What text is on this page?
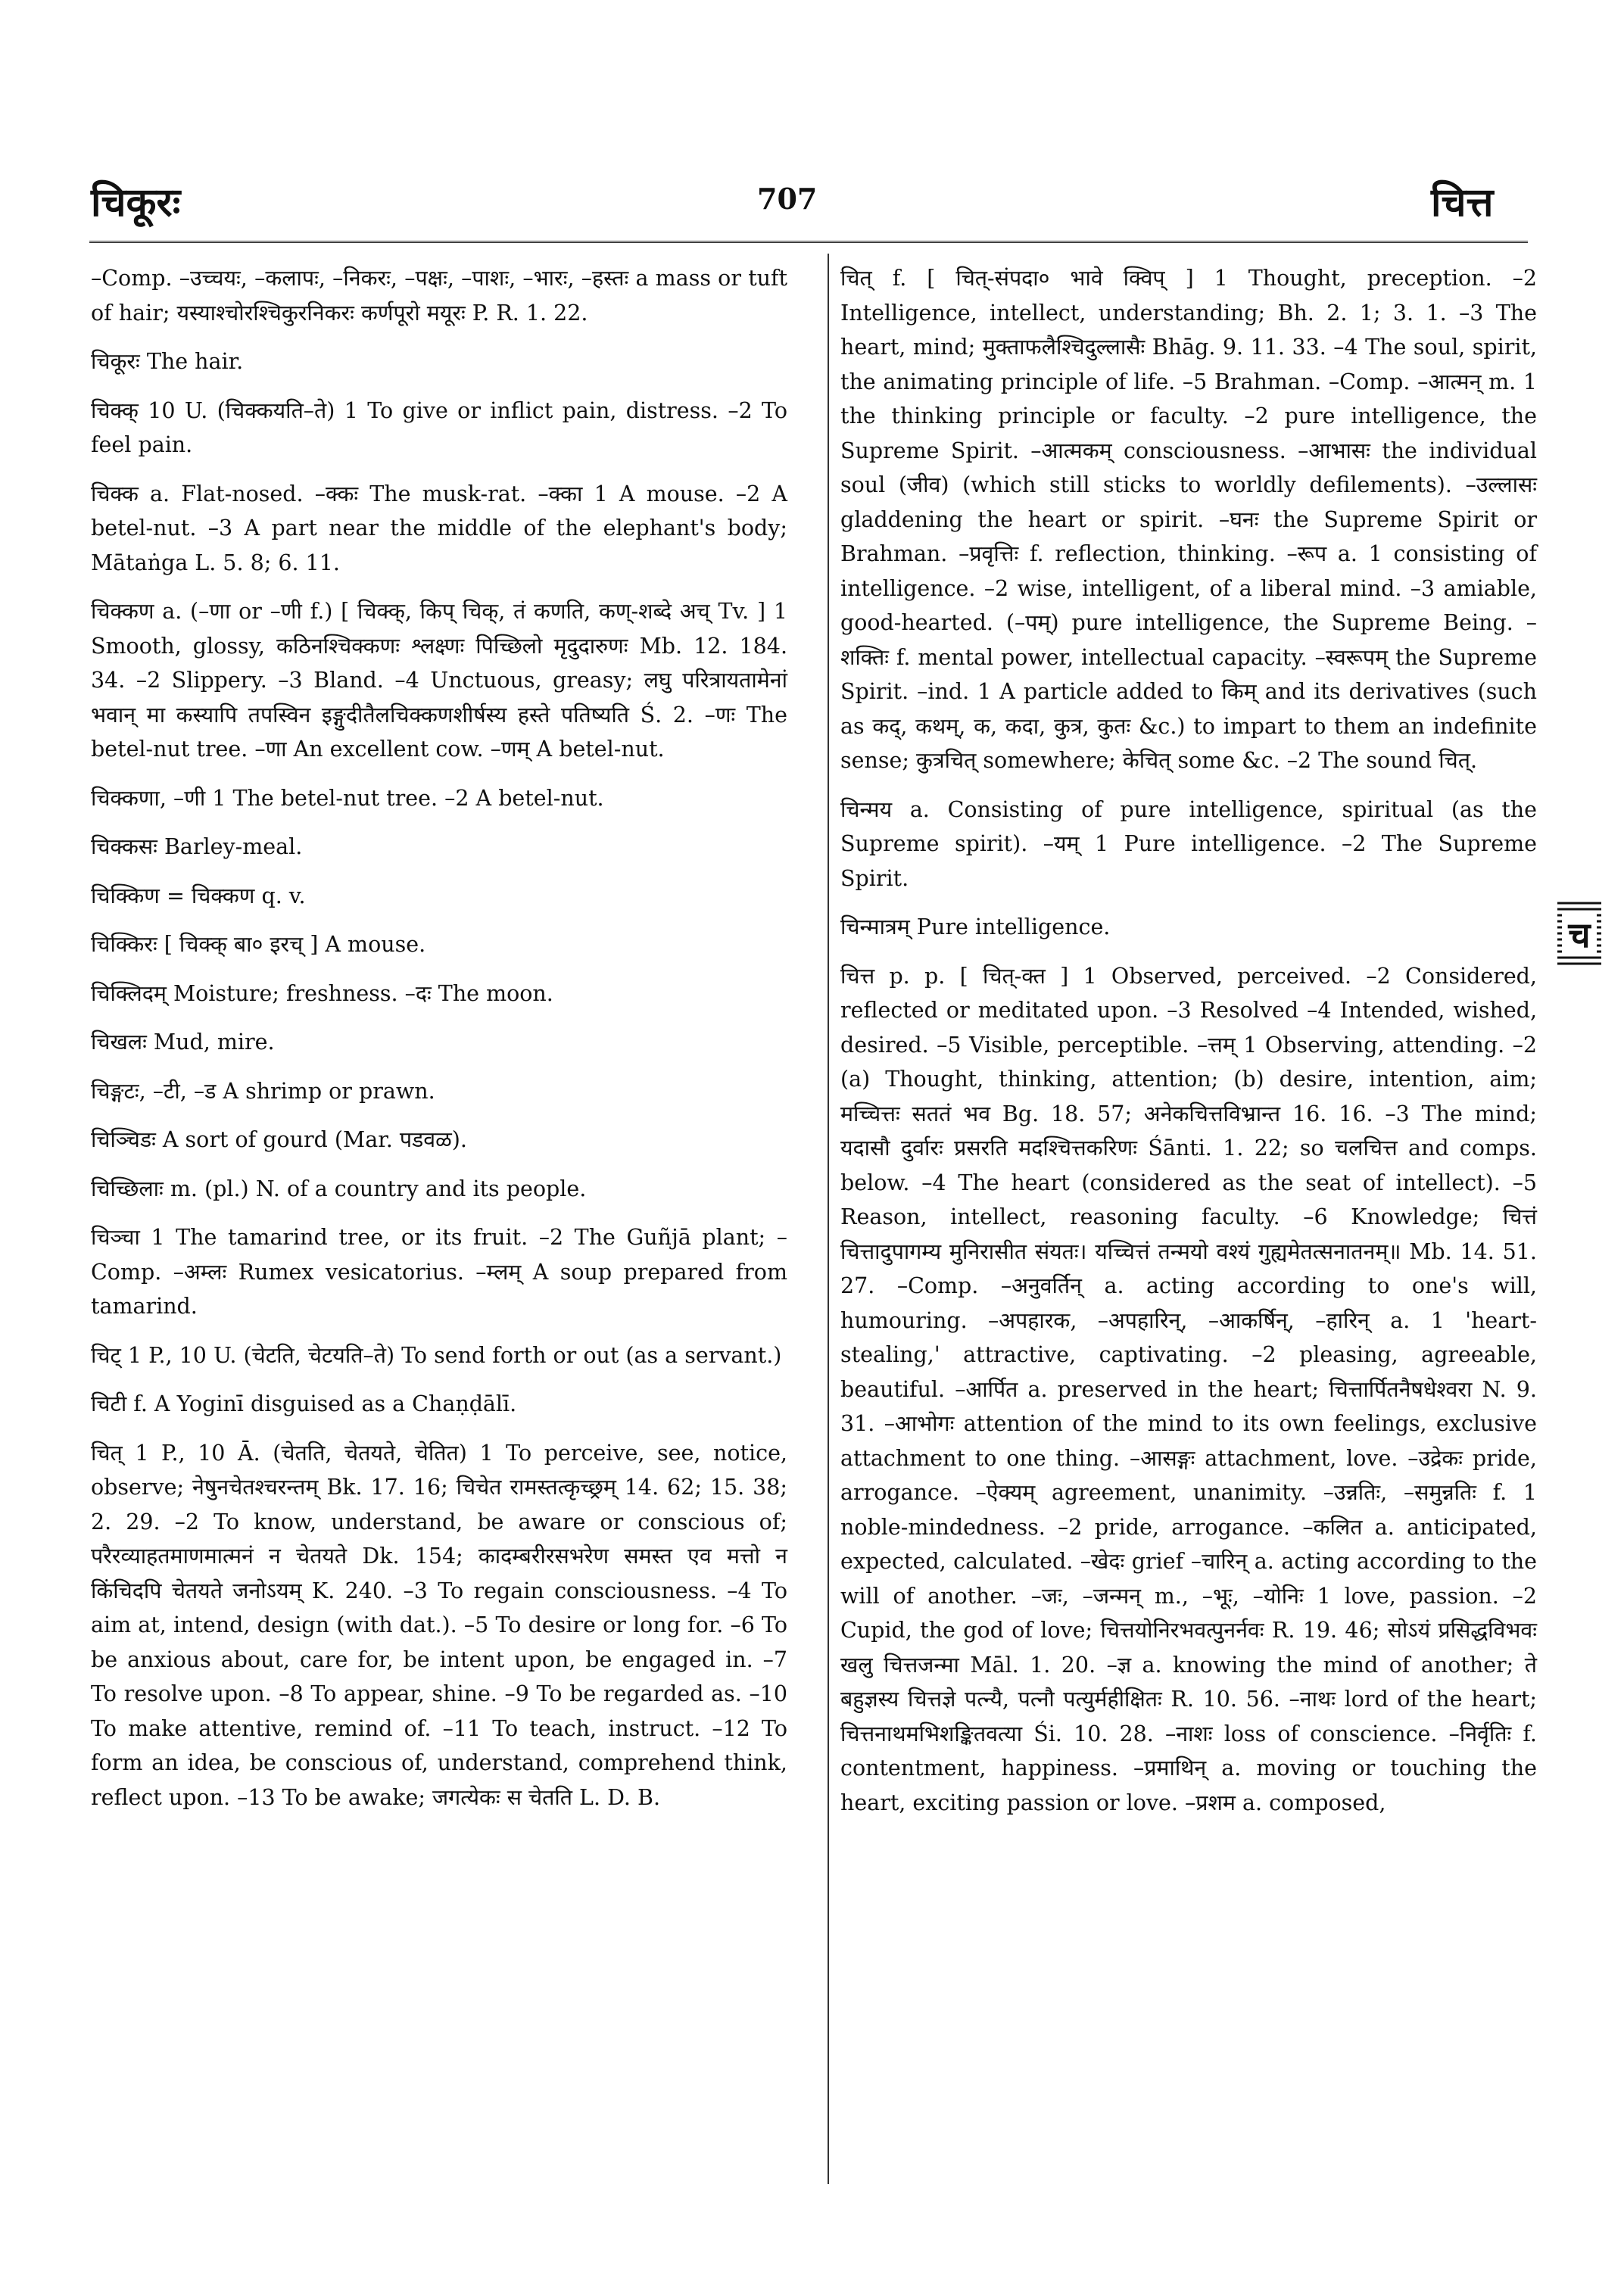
चिकूरः	707	चित्त

–Comp. –उच्चयः, –कलापः, –निकरः, –पक्षः, –पाशः, –भारः, –हस्तः a mass or tuft of hair; यस्याश्चोरश्चिकुरनिकरः कर्णपूरो मयूरः P. R. 1. 22.

चिकूरः The hair.

चिक्क् 10 U. (चिक्कयति–ते) 1 To give or inflict pain, distress. –2 To feel pain.

चिक्क a. Flat-nosed. –क्कः The musk-rat. –क्का 1 A mouse. –2 A betel-nut. –3 A part near the middle of the elephant's body; Mātaṅga L. 5. 8; 6. 11.

चिक्कण a. (–णा or –णी f.) [ चिक्क्, किप् चिक्, तं कणति, कण्-शब्दे अच् Tv. ] 1 Smooth, glossy, कठिनश्चिक्कणः श्लक्ष्णः पिच्छिलो मृदुदारुणः Mb. 12. 184. 34. –2 Slippery. –3 Bland. –4 Unctuous, greasy; लघु परित्रायतामेनां भवान् मा कस्यापि तपस्विन इङ्गुदीतैलचिक्कणशीर्षस्य हस्ते पतिष्यति Ś. 2. –णः The betel-nut tree. –णा An excellent cow. –णम् A betel-nut.

चिक्कणा, –णी 1 The betel-nut tree. –2 A betel-nut.

चिक्कसः Barley-meal.

चिक्किण = चिक्कण q. v.

चिक्किरः [ चिक्क् बा० इरच् ] A mouse.

चिक्लिदम् Moisture; freshness. –दः The moon.

चिखलः Mud, mire.

चिङ्गटः, –टी, –ड A shrimp or prawn.

चिञ्चिडः A sort of gourd (Mar. पडवळ).

चिच्छिलाः m. (pl.) N. of a country and its people.

चिञ्चा 1 The tamarind tree, or its fruit. –2 The Guñjā plant; –Comp. –अम्लः Rumex vesicatorius. –म्लम् A soup prepared from tamarind.

चिट् 1 P., 10 U. (चेटति, चेटयति–ते) To send forth or out (as a servant.)

चिटी f. A Yoginī disguised as a Chaṇḍālī.

चित् 1 P., 10 Ā. (चेतति, चेतयते, चेतित) 1 To perceive, see, notice, observe; नेषुनचेतश्चरन्तम् Bk. 17. 16; चिचेत रामस्तत्कृच्छ्रम् 14. 62; 15. 38; 2. 29. –2 To know, understand, be aware or conscious of; परैरव्याहतमाणमात्मनं न चेतयते Dk. 154; कादम्बरीरसभरेण समस्त एव मत्तो न किंचिदपि चेतयते जनोऽयम् K. 240. –3 To regain consciousness. –4 To aim at, intend, design (with dat.). –5 To desire or long for. –6 To be anxious about, care for, be intent upon, be engaged in. –7 To resolve upon. –8 To appear, shine. –9 To be regarded as. –10 To make attentive, remind of. –11 To teach, instruct. –12 To form an idea, be conscious of, understand, comprehend think, reflect upon. –13 To be awake; जगत्येकः स चेतति L. D. B.

चित् f. [ चित्-संपदा० भावे क्विप् ] 1 Thought, preception. –2 Intelligence, intellect, understanding; Bh. 2. 1; 3. 1. –3 The heart, mind; मुक्ताफलैश्चिदुल्लासैः Bhāg. 9. 11. 33. –4 The soul, spirit, the animating principle of life. –5 Brahman. –Comp. –आत्मन् m. 1 the thinking principle or faculty. –2 pure intelligence, the Supreme Spirit. –आत्मकम् consciousness. –आभासः the individual soul (जीव) (which still sticks to worldly defilements). –उल्लासः gladdening the heart or spirit. –घनः the Supreme Spirit or Brahman. –प्रवृत्तिः f. reflection, thinking. –रूप a. 1 consisting of intelligence. –2 wise, intelligent, of a liberal mind. –3 amiable, good-hearted. (–पम्) pure intelligence, the Supreme Being. –शक्तिः f. mental power, intellectual capacity. –स्वरूपम् the Supreme Spirit. –ind. 1 A particle added to किम् and its derivatives (such as कद्, कथम्, क, कदा, कुत्र, कुतः &c.) to impart to them an indefinite sense; कुत्रचित् somewhere; केचित् some &c. –2 The sound चित्.

चिन्मय a. Consisting of pure intelligence, spiritual (as the Supreme spirit). –यम् 1 Pure intelligence. –2 The Supreme Spirit.

चिन्मात्रम् Pure intelligence.

चित्त p. p. [ चित्-क्त ] 1 Observed, perceived. –2 Considered, reflected or meditated upon. –3 Resolved –4 Intended, wished, desired. –5 Visible, perceptible. –त्तम् 1 Observing, attending. –2 (a) Thought, thinking, attention; (b) desire, intention, aim; मच्चित्तः सततं भव Bg. 18. 57; अनेकचित्तविभ्रान्त 16. 16. –3 The mind; यदासौ दुर्वारः प्रसरति मदश्चित्तकरिणः Śānti. 1. 22; so चलचित्त and comps. below. –4 The heart (considered as the seat of intellect). –5 Reason, intellect, reasoning faculty. –6 Knowledge; चित्तं चित्तादुपागम्य मुनिरासीत संयतः। यच्चित्तं तन्मयो वश्यं गुह्यमेतत्सनातनम्॥ Mb. 14. 51. 27. –Comp. –अनुवर्तिन् a. acting according to one's will, humouring. –अपहारक, –अपहारिन्, –आकर्षिन्, –हारिन् a. 1 'heart-stealing,' attractive, captivating. –2 pleasing, agreeable, beautiful. –आर्पित a. preserved in the heart; चित्तार्पितनैषधेश्वरा N. 9. 31. –आभोगः attention of the mind to its own feelings, exclusive attachment to one thing. –आसङ्गः attachment, love. –उद्रेकः pride, arrogance. –ऐक्यम् agreement, unanimity. –उन्नतिः, –समुन्नतिः f. 1 noble-mindedness. –2 pride, arrogance. –कलित a. anticipated, expected, calculated. –खेदः grief –चारिन् a. acting according to the will of another. –जः, –जन्मन् m., –भूः, –योनिः 1 love, passion. –2 Cupid, the god of love; चित्तयोनिरभवत्पुनर्नवः R. 19. 46; सोऽयं प्रसिद्धविभवः खलु चित्तजन्मा Māl. 1. 20. –ज्ञ a. knowing the mind of another; ते बहुज्ञस्य चित्तज्ञे पत्न्यै, पत्नौ पत्युर्महीक्षितः R. 10. 56. –नाथः lord of the heart; चित्तनाथमभिशङ्कितवत्या Śi. 10. 28. –नाशः loss of conscience. –निर्वृतिः f. contentment, happiness. –प्रमाथिन् a. moving or touching the heart, exciting passion or love. –प्रशम a. composed,

च
